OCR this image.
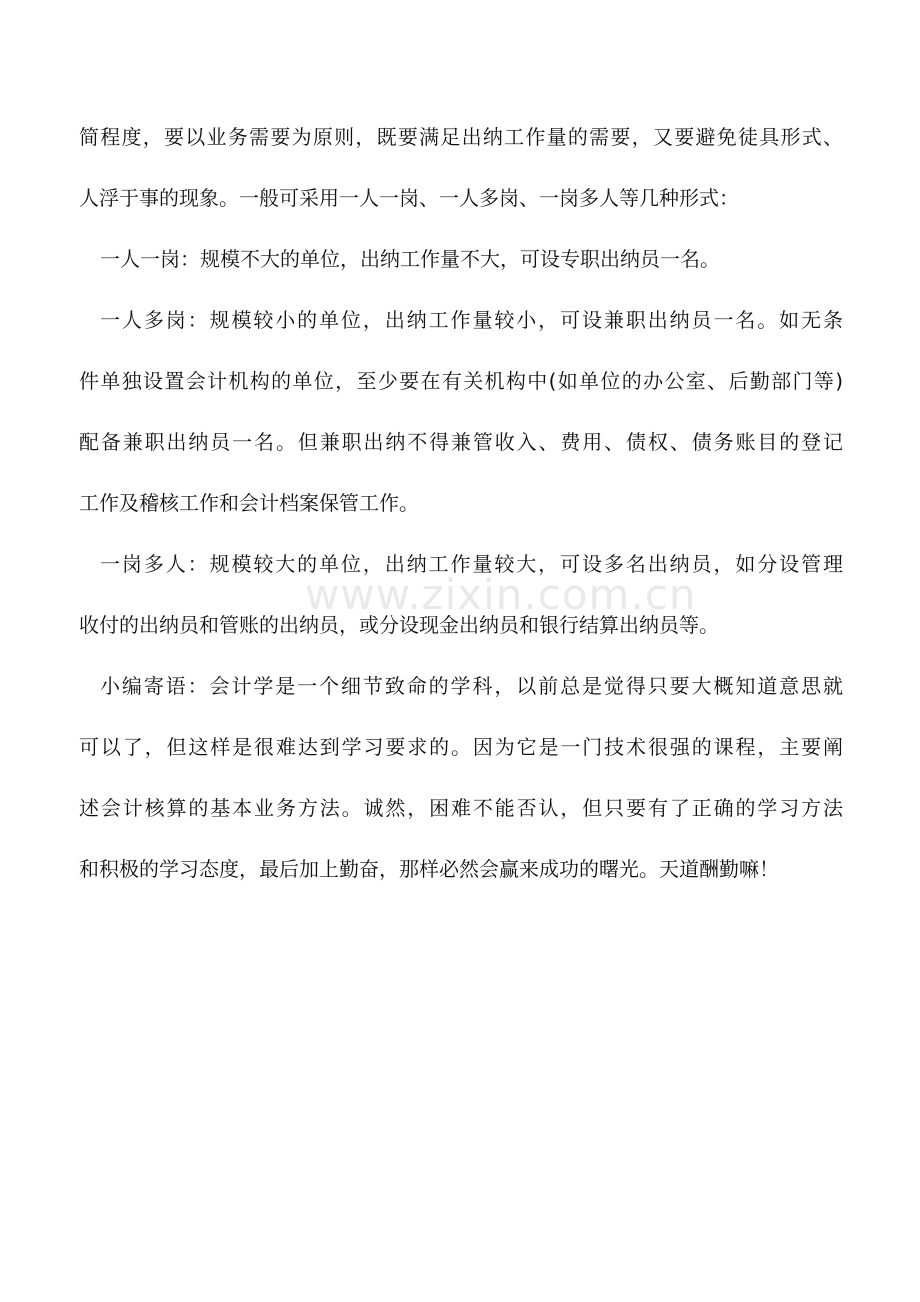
简程度，要以业务需要为原则，既要满足出纳工作量的需要，又要避免徒具形式、
人浮于事的现象。一般可采用一人一岗、一人多岗、一岗多人等几种形式：
一人一岗：规模不大的单位，出纳工作量不大，可设专职出纳员一名。
一人多岗：规模较小的单位，出纳工作量较小，可设兼职出纳员一名。如无条
件单独设置会计机构的单位，至少要在有关机构中(如单位的办公室、后勤部门等)
配备兼职出纳员一名。但兼职出纳不得兼管收入、费用、债权、债务账目的登记
工作及稽核工作和会计档案保管工作。
一岗多人：规模较大的单位，出纳工作量较大，可设多名出纳员，如分设管理
收付的出纳员和管账的出纳员，或分设现金出纳员和银行结算出纳员等。
小编寄语：会计学是一个细节致命的学科，以前总是觉得只要大概知道意思就
可以了，但这样是很难达到学习要求的。因为它是一门技术很强的课程，主要阐
述会计核算的基本业务方法。诚然，困难不能否认，但只要有了正确的学习方法
和积极的学习态度，最后加上勤奋，那样必然会赢来成功的曙光。天道酬勤嘛！
www.zixin.com.cn
